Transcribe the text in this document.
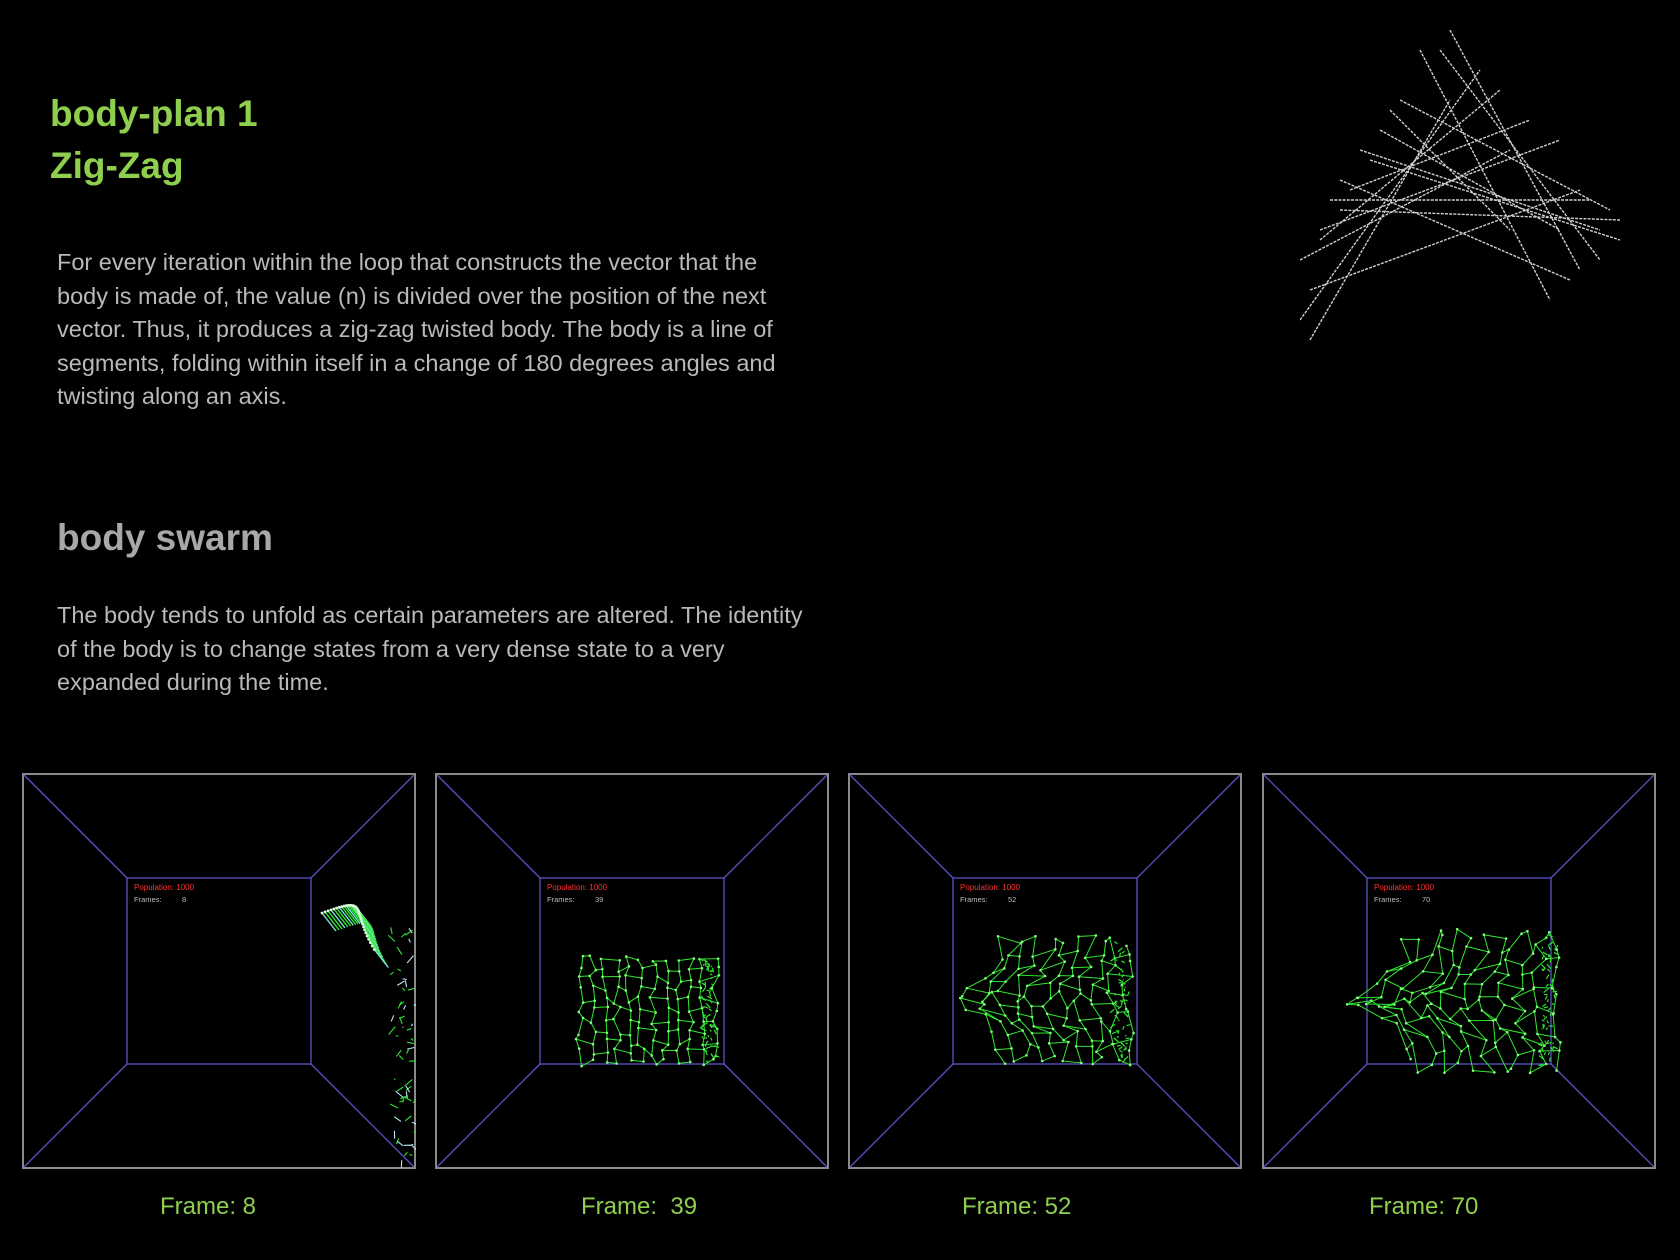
body-plan 1
Zig-Zag

For every iteration within the loop that constructs the vector that the
body is made of, the value (n) is divided over the position of the next
vector. Thus, it produces a zig-zag twisted body. The body is a line of
segments, folding within itself in a change of 180 degrees angles and
twisting along an axis.

body swarm

The body tends to unfold as certain parameters are altered. The identity
of the body is to change states from a very dense state to a very
expanded during the time.

Population: 1000
Frames:	8
Population: 1000
Frames:	39
Population: 1000
Frames:	52
Population: 1000
Frames:	70
Frame: 8	Frame:  39	Frame: 52	Frame: 70
